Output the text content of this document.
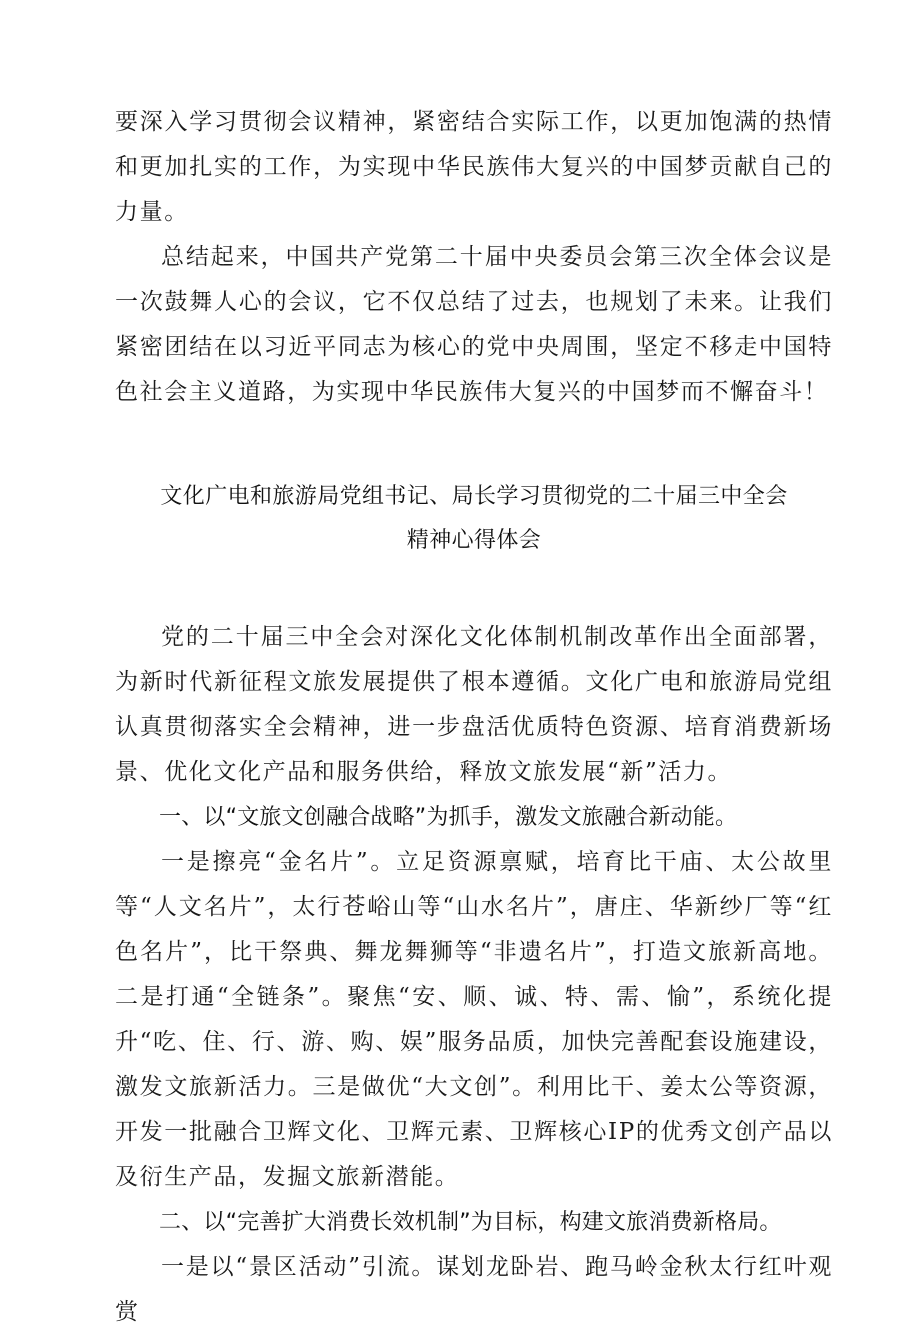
要深入学习贯彻会议精神，紧密结合实际工作，以更加饱满的热情和更加扎实的工作，为实现中华民族伟大复兴的中国梦贡献自己的力量。

总结起来，中国共产党第二十届中央委员会第三次全体会议是一次鼓舞人心的会议，它不仅总结了过去，也规划了未来。让我们紧密团结在以习近平同志为核心的党中央周围，坚定不移走中国特色社会主义道路，为实现中华民族伟大复兴的中国梦而不懈奋斗！

文化广电和旅游局党组书记、局长学习贯彻党的二十届三中全会

精神心得体会

党的二十届三中全会对深化文化体制机制改革作出全面部署，为新时代新征程文旅发展提供了根本遵循。文化广电和旅游局党组认真贯彻落实全会精神，进一步盘活优质特色资源、培育消费新场景、优化文化产品和服务供给，释放文旅发展“新”活力。

一、以“文旅文创融合战略”为抓手，激发文旅融合新动能。

一是擦亮“金名片”。立足资源禀赋，培育比干庙、太公故里等“人文名片”，太行苍峪山等“山水名片”，唐庄、华新纱厂等“红色名片”，比干祭典、舞龙舞狮等“非遗名片”，打造文旅新高地。二是打通“全链条”。聚焦“安、顺、诚、特、需、愉”，系统化提升“吃、住、行、游、购、娱”服务品质，加快完善配套设施建设，激发文旅新活力。三是做优“大文创”。利用比干、姜太公等资源，开发一批融合卫辉文化、卫辉元素、卫辉核心IP的优秀文创产品以及衍生产品，发掘文旅新潜能。

二、以“完善扩大消费长效机制”为目标，构建文旅消费新格局。

一是以“景区活动”引流。谋划龙卧岩、跑马岭金秋太行红叶观赏
